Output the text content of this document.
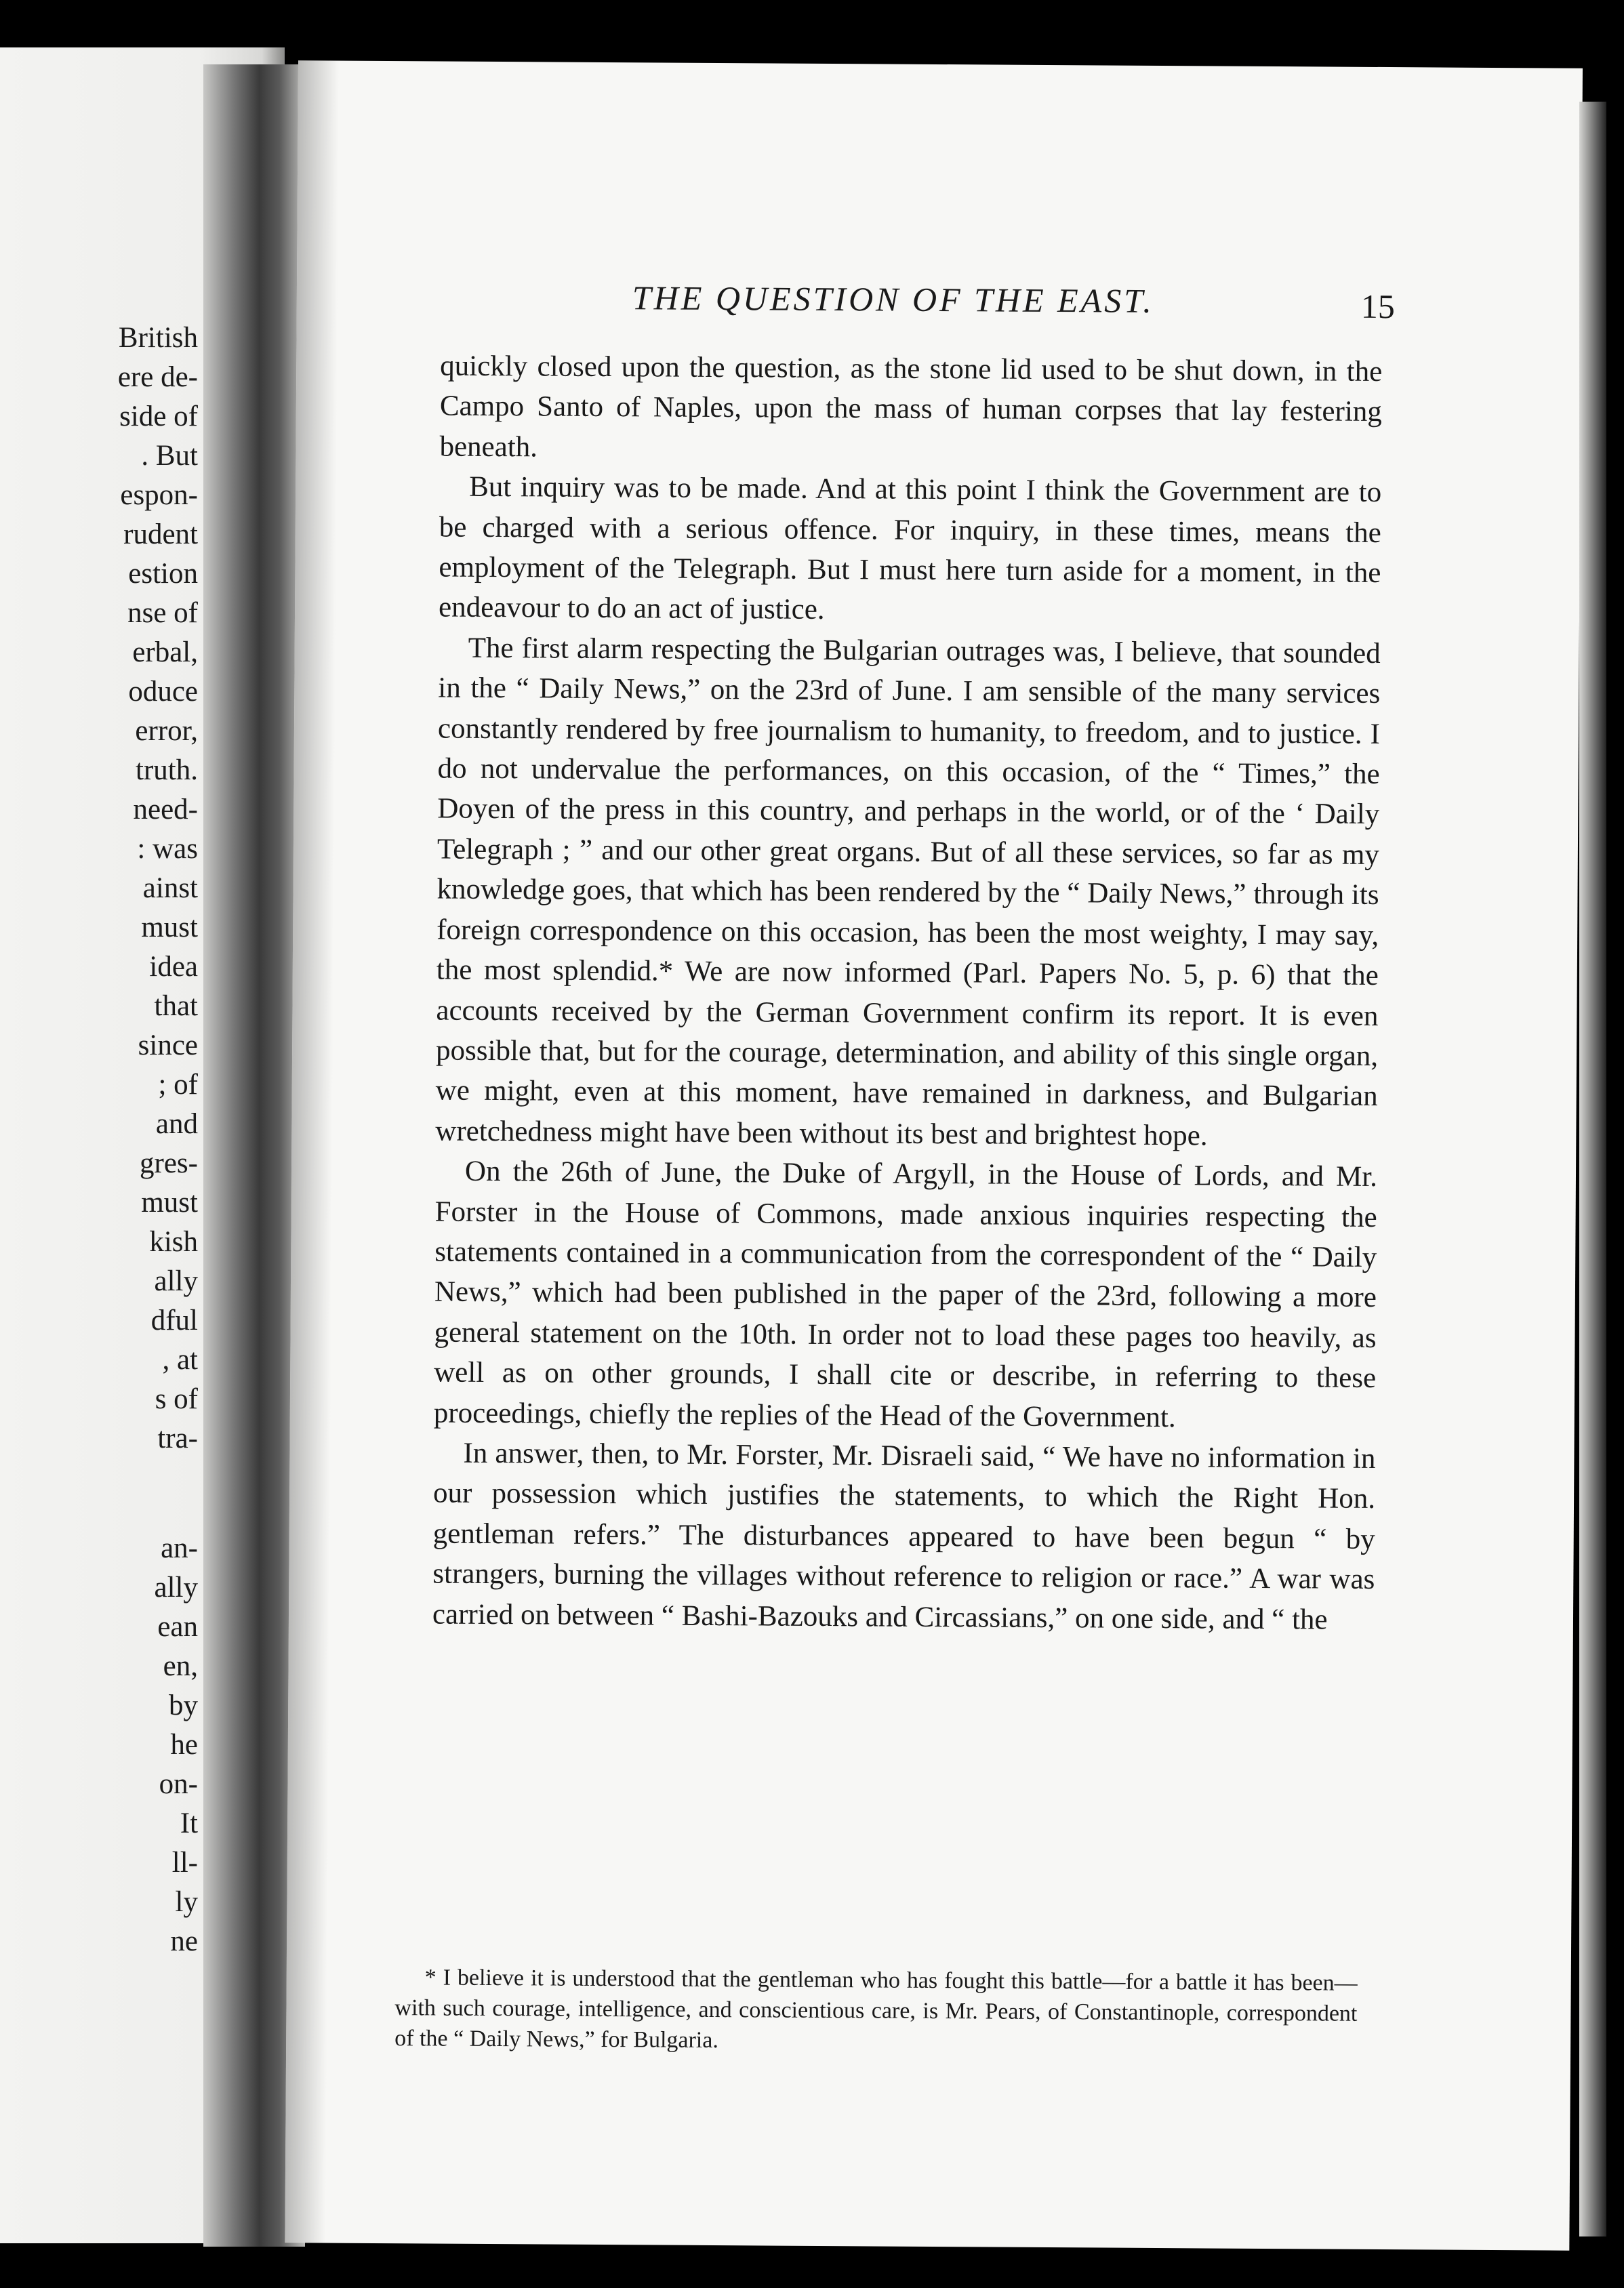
British
ere de-
side of
. But
espon-
rudent
estion
nse of
erbal,
oduce
error,
truth.
need-
: was
ainst
must
idea
that
since
; of
and
gres-
must
kish
ally
dful
, at
s of
tra-
an-
ally
ean
en,
by
he
on-
It
ll-
ly
ne
THE QUESTION OF THE EAST.	15

quickly closed upon the question, as the stone lid used to be shut down, in the Campo Santo of Naples, upon the mass of human corpses that lay festering beneath.

But inquiry was to be made. And at this point I think the Government are to be charged with a serious offence. For inquiry, in these times, means the employment of the Telegraph. But I must here turn aside for a moment, in the endeavour to do an act of justice.

The first alarm respecting the Bulgarian outrages was, I believe, that sounded in the “ Daily News,” on the 23rd of June. I am sensible of the many services constantly rendered by free journalism to humanity, to freedom, and to justice. I do not undervalue the performances, on this occasion, of the “ Times,” the Doyen of the press in this country, and perhaps in the world, or of the ‘ Daily Telegraph ; ” and our other great organs. But of all these services, so far as my knowledge goes, that which has been rendered by the “ Daily News,” through its foreign correspondence on this occasion, has been the most weighty, I may say, the most splendid.* We are now informed (Parl. Papers No. 5, p. 6) that the accounts received by the German Government confirm its report. It is even possible that, but for the courage, determination, and ability of this single organ, we might, even at this moment, have remained in darkness, and Bulgarian wretchedness might have been without its best and brightest hope.

On the 26th of June, the Duke of Argyll, in the House of Lords, and Mr. Forster in the House of Commons, made anxious inquiries respecting the statements contained in a communication from the correspondent of the “ Daily News,” which had been published in the paper of the 23rd, following a more general statement on the 10th. In order not to load these pages too heavily, as well as on other grounds, I shall cite or describe, in referring to these proceedings, chiefly the replies of the Head of the Government.

In answer, then, to Mr. Forster, Mr. Disraeli said, “ We have no information in our possession which justifies the statements, to which the Right Hon. gentleman refers.” The disturbances appeared to have been begun “ by strangers, burning the villages without reference to religion or race.” A war was carried on between “ Bashi-Bazouks and Circassians,” on one side, and “ the

* I believe it is understood that the gentleman who has fought this battle—for a battle it has been—with such courage, intelligence, and conscientious care, is Mr. Pears, of Constantinople, correspondent of the “ Daily News,” for Bulgaria.
